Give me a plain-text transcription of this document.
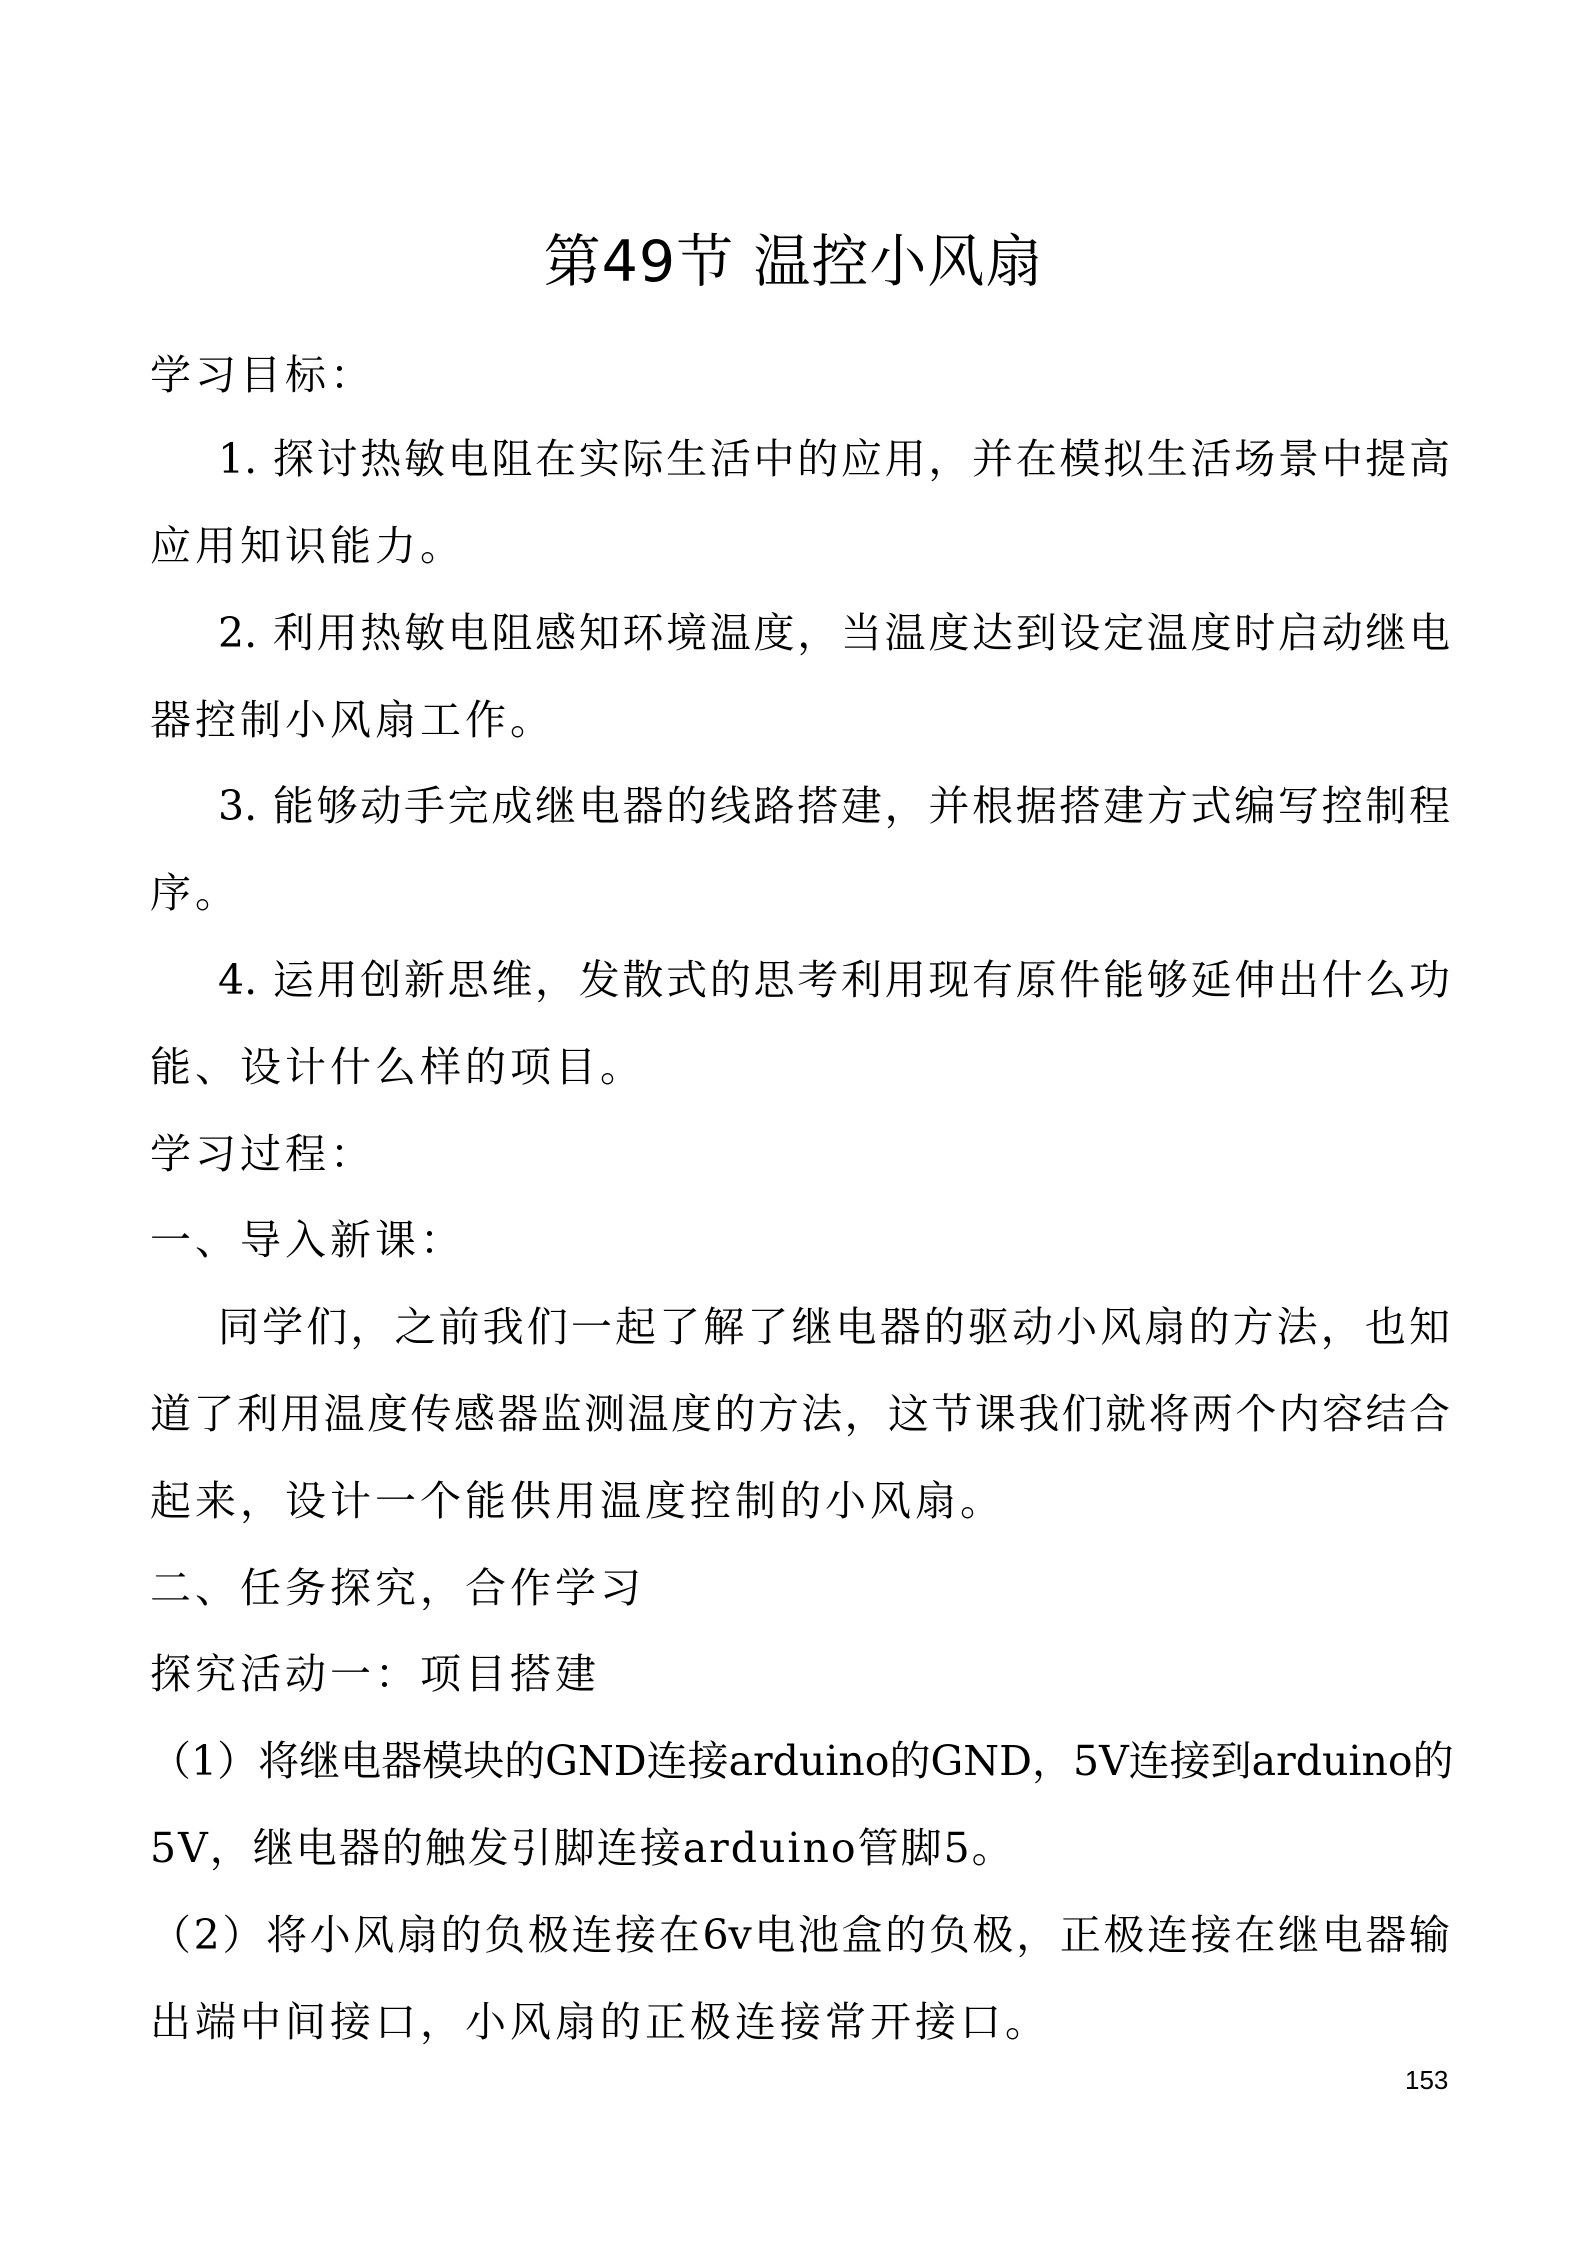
第49节 温控小风扇

学习目标：

1. 探讨热敏电阻在实际生活中的应用，并在模拟生活场景中提高

应用知识能力。

2. 利用热敏电阻感知环境温度，当温度达到设定温度时启动继电

器控制小风扇工作。

3. 能够动手完成继电器的线路搭建，并根据搭建方式编写控制程

序。

4. 运用创新思维，发散式的思考利用现有原件能够延伸出什么功

能、设计什么样的项目。

学习过程：

一、导入新课：

同学们，之前我们一起了解了继电器的驱动小风扇的方法，也知

道了利用温度传感器监测温度的方法，这节课我们就将两个内容结合

起来，设计一个能供用温度控制的小风扇。

二、任务探究，合作学习

探究活动一：项目搭建

（1）将继电器模块的GND连接arduino的GND，5V连接到arduino的

5V，继电器的触发引脚连接arduino管脚5。

（2）将小风扇的负极连接在6v电池盒的负极，正极连接在继电器输

出端中间接口，小风扇的正极连接常开接口。

153
